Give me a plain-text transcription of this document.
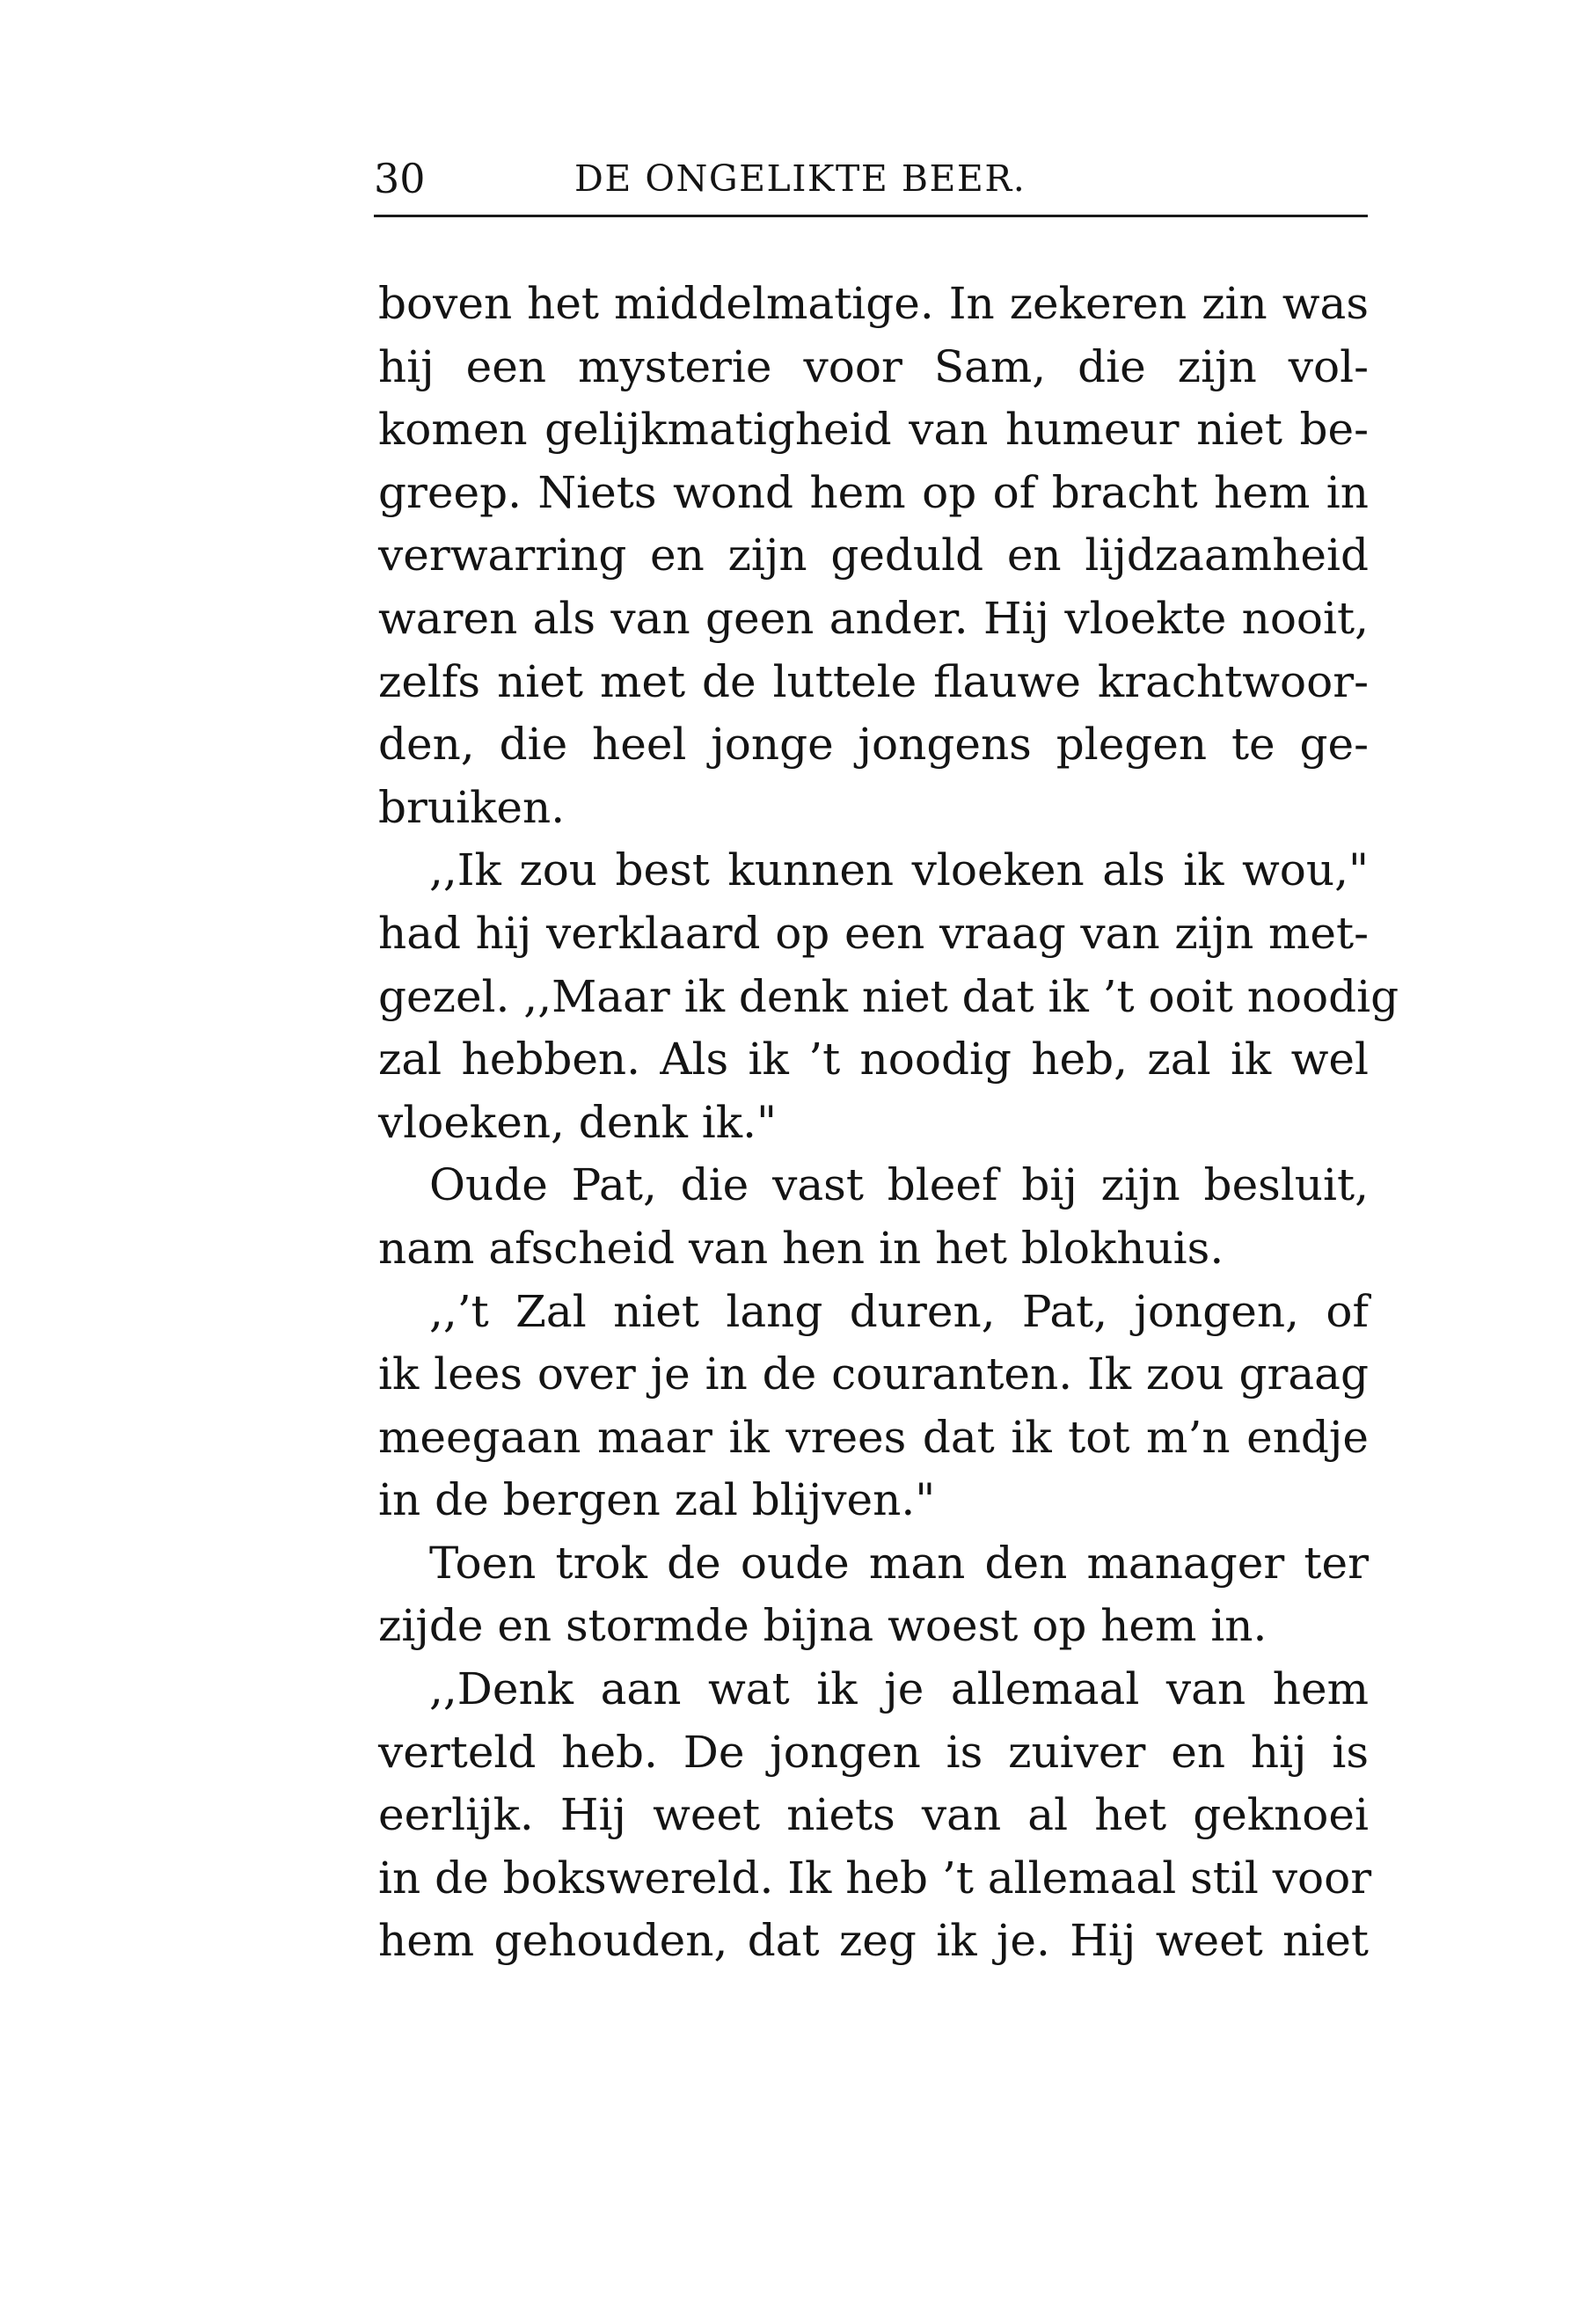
30	DE ONGELIKTE BEER.
boven het middelmatige. In zekeren zin was
hij een mysterie voor Sam, die zijn vol-
komen gelijkmatigheid van humeur niet be-
greep. Niets wond hem op of bracht hem in
verwarring en zijn geduld en lijdzaamheid
waren als van geen ander. Hij vloekte nooit,
zelfs niet met de luttele flauwe krachtwoor-
den, die heel jonge jongens plegen te ge-
bruiken.
,,Ik zou best kunnen vloeken als ik wou,"
had hij verklaard op een vraag van zijn met-
gezel. ,,Maar ik denk niet dat ik ’t ooit noodig
zal hebben. Als ik ’t noodig heb, zal ik wel
vloeken, denk ik."
Oude Pat, die vast bleef bij zijn besluit,
nam afscheid van hen in het blokhuis.
,,’t Zal niet lang duren, Pat, jongen, of
ik lees over je in de couranten. Ik zou graag
meegaan maar ik vrees dat ik tot m’n endje
in de bergen zal blijven."
Toen trok de oude man den manager ter
zijde en stormde bijna woest op hem in.
,,Denk aan wat ik je allemaal van hem
verteld heb. De jongen is zuiver en hij is
eerlijk. Hij weet niets van al het geknoei
in de bokswereld. Ik heb ’t allemaal stil voor
hem gehouden, dat zeg ik je. Hij weet niet
